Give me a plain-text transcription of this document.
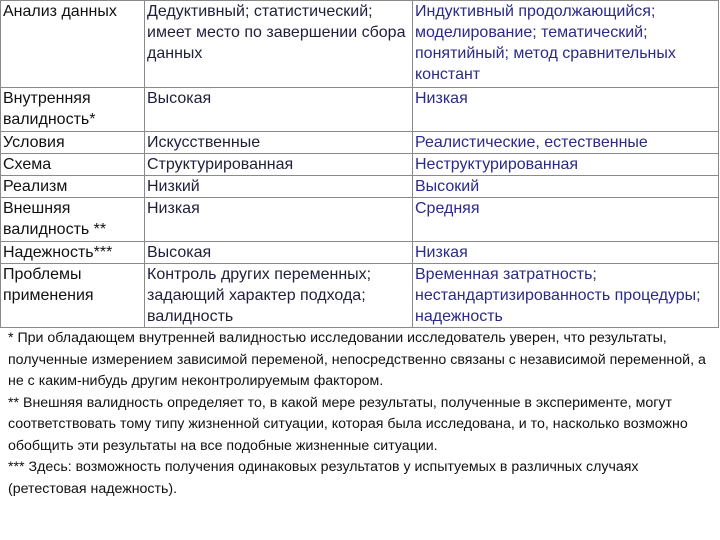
Анализ данных	Дедуктивный; статистический; имеет место по завершении сбора данных	Индуктивный продолжающийся; моделирование; тематический; понятийный; метод сравнительных констант
Внутренняя валидность*	Высокая	Низкая
Условия	Искусственные	Реалистические, естественные
Схема	Структурированная	Неструктурированная
Реализм	Низкий	Высокий
Внешняя валидность **	Низкая	Средняя
Надежность***	Высокая	Низкая
Проблемы применения	Контроль других переменных; задающий характер подхода; валидность	Временная затратность; нестандартизированность процедуры; надежность

* При обладающем внутренней валидностью исследовании исследователь уверен, что результаты, полученные измерением зависимой переменой, непосредственно связаны с независимой переменной, а не с каким-нибудь другим неконтролируемым фактором.

** Внешняя валидность определяет то, в какой мере результаты, полученные в эксперименте, могут соответствовать тому типу жизненной ситуации, которая была исследована, и то, насколько возможно обобщить эти результаты на все подобные жизненные ситуации.

*** Здесь: возможность получения одинаковых результатов у испытуемых в различных случаях (ретестовая надежность).
